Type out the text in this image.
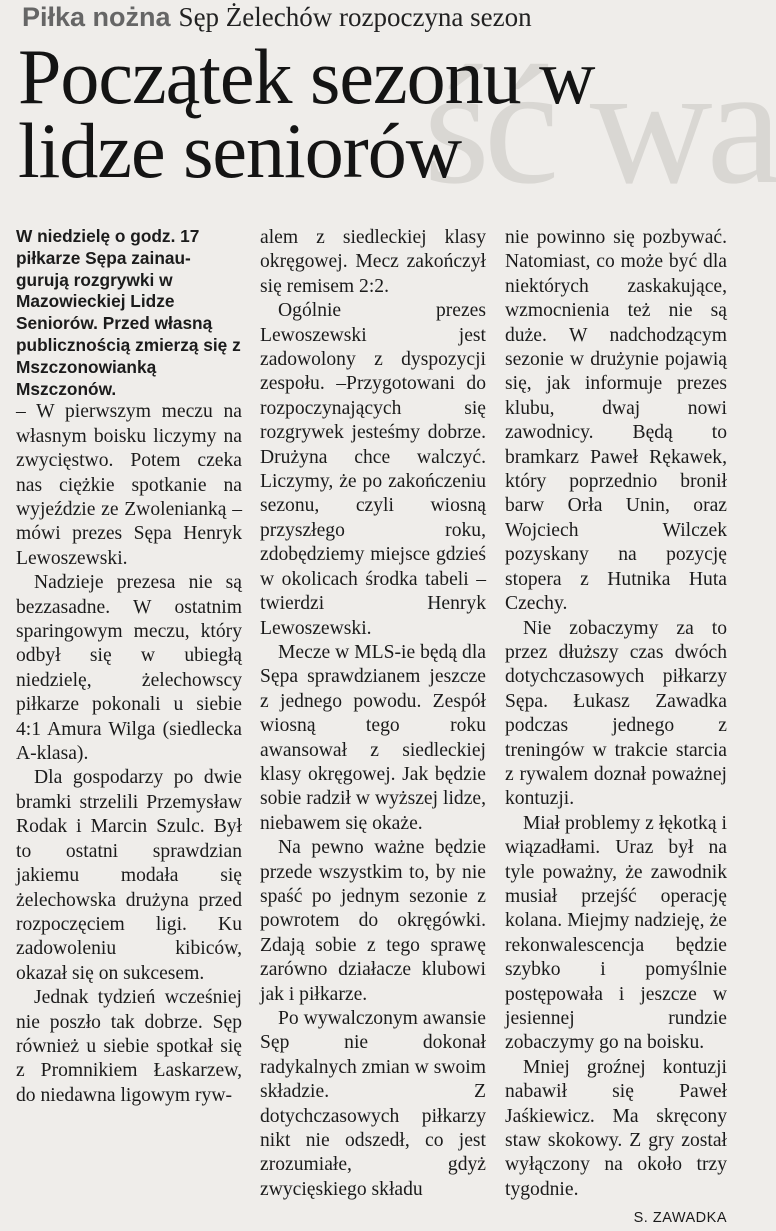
ść wa
Piłka nożna Sęp Żelechów rozpoczyna sezon
Początek sezonu w lidze seniorów

W niedzielę o godz. 17 piłkarze Sępa zainau-gurują rozgrywki w Mazowieckiej Lidze Seniorów. Przed własną publicznością zmierzą się z Mszczonowianką Mszczonów.

– W pierwszym meczu na własnym boisku liczymy na zwycięstwo. Potem czeka nas ciężkie spotkanie na wyjeździe ze Zwolenianką – mówi prezes Sępa Henryk Lewoszewski.

Nadzieje prezesa nie są bezzasadne. W ostatnim sparingowym meczu, który odbył się w ubiegłą niedzielę, żelechowscy piłkarze pokonali u siebie 4:1 Amura Wilga (siedlecka A-klasa).

Dla gospodarzy po dwie bramki strzelili Przemysław Rodak i Marcin Szulc. Był to ostatni sprawdzian jakiemu modała się żelechowska drużyna przed rozpoczęciem ligi. Ku zadowoleniu kibiców, okazał się on sukcesem.

Jednak tydzień wcześniej nie poszło tak dobrze. Sęp również u siebie spotkał się z Promnikiem Łaskarzew, do niedawna ligowym ryw-

alem z siedleckiej klasy okręgowej. Mecz zakończył się remisem 2:2.

Ogólnie prezes Lewoszewski jest zadowolony z dyspozycji zespołu. –Przygotowani do rozpoczynających się rozgrywek jesteśmy dobrze. Drużyna chce walczyć. Liczymy, że po zakończeniu sezonu, czyli wiosną przyszłego roku, zdobędziemy miejsce gdzieś w okolicach środka tabeli – twierdzi Henryk Lewoszewski.

Mecze w MLS-ie będą dla Sępa sprawdzianem jeszcze z jednego powodu. Zespół wiosną tego roku awansował z siedleckiej klasy okręgowej. Jak będzie sobie radził w wyższej lidze, niebawem się okaże.

Na pewno ważne będzie przede wszystkim to, by nie spaść po jednym sezonie z powrotem do okręgówki. Zdają sobie z tego sprawę zarówno działacze klubowi jak i piłkarze.

Po wywalczonym awansie Sęp nie dokonał radykalnych zmian w swoim składzie. Z dotychczasowych piłkarzy nikt nie odszedł, co jest zrozumiałe, gdyż zwycięskiego składu

nie powinno się pozbywać. Natomiast, co może być dla niektórych zaskakujące, wzmocnienia też nie są duże. W nadchodzącym sezonie w drużynie pojawią się, jak informuje prezes klubu, dwaj nowi zawodnicy. Będą to bramkarz Paweł Rękawek, który poprzednio bronił barw Orła Unin, oraz Wojciech Wilczek pozyskany na pozycję stopera z Hutnika Huta Czechy.

Nie zobaczymy za to przez dłuższy czas dwóch dotychczasowych piłkarzy Sępa. Łukasz Zawadka podczas jednego z treningów w trakcie starcia z rywalem doznał poważnej kontuzji.

Miał problemy z łękotką i wiązadłami. Uraz był na tyle poważny, że zawodnik musiał przejść operację kolana. Miejmy nadzieję, że rekonwalescencja będzie szybko i pomyślnie postępowała i jeszcze w jesiennej rundzie zobaczymy go na boisku.

Mniej groźnej kontuzji nabawił się Paweł Jaśkiewicz. Ma skręcony staw skokowy. Z gry został wyłączony na około trzy tygodnie.

S. ZAWADKA
